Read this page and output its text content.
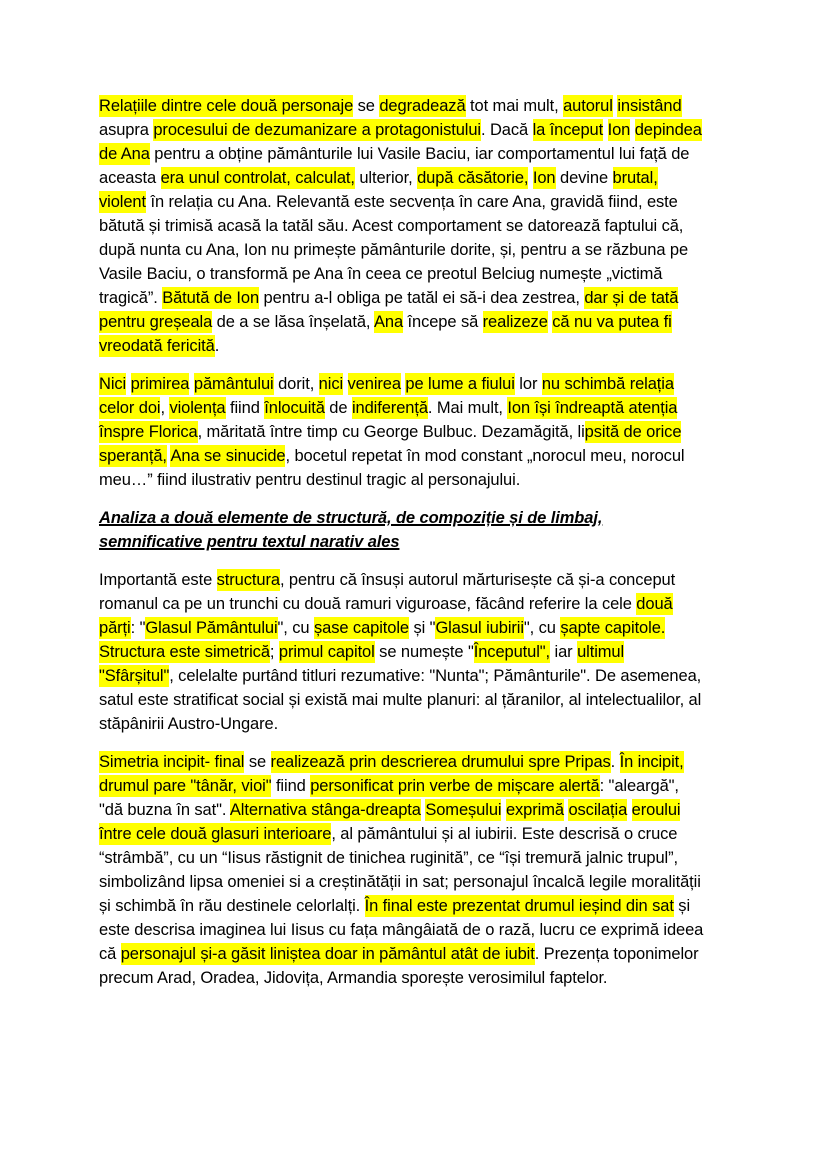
Relațiile dintre cele două personaje se degradează tot mai mult, autorul insistând
asupra procesului de dezumanizare a protagonistului. Dacă la început Ion depindea
de Ana pentru a obține pământurile lui Vasile Baciu, iar comportamentul lui față de
aceasta era unul controlat, calculat, ulterior, după căsătorie, Ion devine brutal,
violent în relația cu Ana. Relevantă este secvența în care Ana, gravidă fiind, este
bătută și trimisă acasă la tatăl său. Acest comportament se datorează faptului că,
după nunta cu Ana, Ion nu primește pământurile dorite, și, pentru a se răzbuna pe
Vasile Baciu, o transformă pe Ana în ceea ce preotul Belciug numește „victimă
tragică”. Bătută de Ion pentru a-l obliga pe tatăl ei să-i dea zestrea, dar și de tată
pentru greșeala de a se lăsa înșelată, Ana începe să realizeze că nu va putea fi
vreodată fericită.
Nici primirea pământului dorit, nici venirea pe lume a fiului lor nu schimbă relația
celor doi, violența fiind înlocuită de indiferență. Mai mult, Ion își îndreaptă atenția
înspre Florica, măritată între timp cu George Bulbuc. Dezamăgită, lipsită de orice
speranță, Ana se sinucide, bocetul repetat în mod constant „norocul meu, norocul
meu…” fiind ilustrativ pentru destinul tragic al personajului.
Analiza a două elemente de structură, de compoziție și de limbaj,
semnificative pentru textul narativ ales
Importantă este structura, pentru că însuși autorul mărturisește că și-a conceput
romanul ca pe un trunchi cu două ramuri viguroase, făcând referire la cele două
părți: "Glasul Pământului", cu șase capitole și "Glasul iubirii", cu șapte capitole.
Structura este simetrică; primul capitol se numește "Începutul", iar ultimul
"Sfârșitul", celelalte purtând titluri rezumative: "Nunta"; Pământurile". De asemenea,
satul este stratificat social și există mai multe planuri: al țăranilor, al intelectualilor, al
stăpânirii Austro-Ungare.
Simetria incipit- final se realizează prin descrierea drumului spre Pripas. În incipit,
drumul pare "tânăr, vioi" fiind personificat prin verbe de mișcare alertă: "aleargă",
"dă buzna în sat". Alternativa stânga-dreapta Someșului exprimă oscilația eroului
între cele două glasuri interioare, al pământului și al iubirii. Este descrisă o cruce
“strâmbă”, cu un “Iisus răstignit de tinichea ruginită”, ce “își tremură jalnic trupul”,
simbolizând lipsa omeniei si a creștinătății in sat; personajul încalcă legile moralității
și schimbă în rău destinele celorlalți. În final este prezentat drumul ieșind din sat și
este descrisa imaginea lui Iisus cu fața mângâiată de o rază, lucru ce exprimă ideea
că personajul și-a găsit liniștea doar in pământul atât de iubit. Prezența toponimelor
precum Arad, Oradea, Jidovița, Armandia sporește verosimilul faptelor.
